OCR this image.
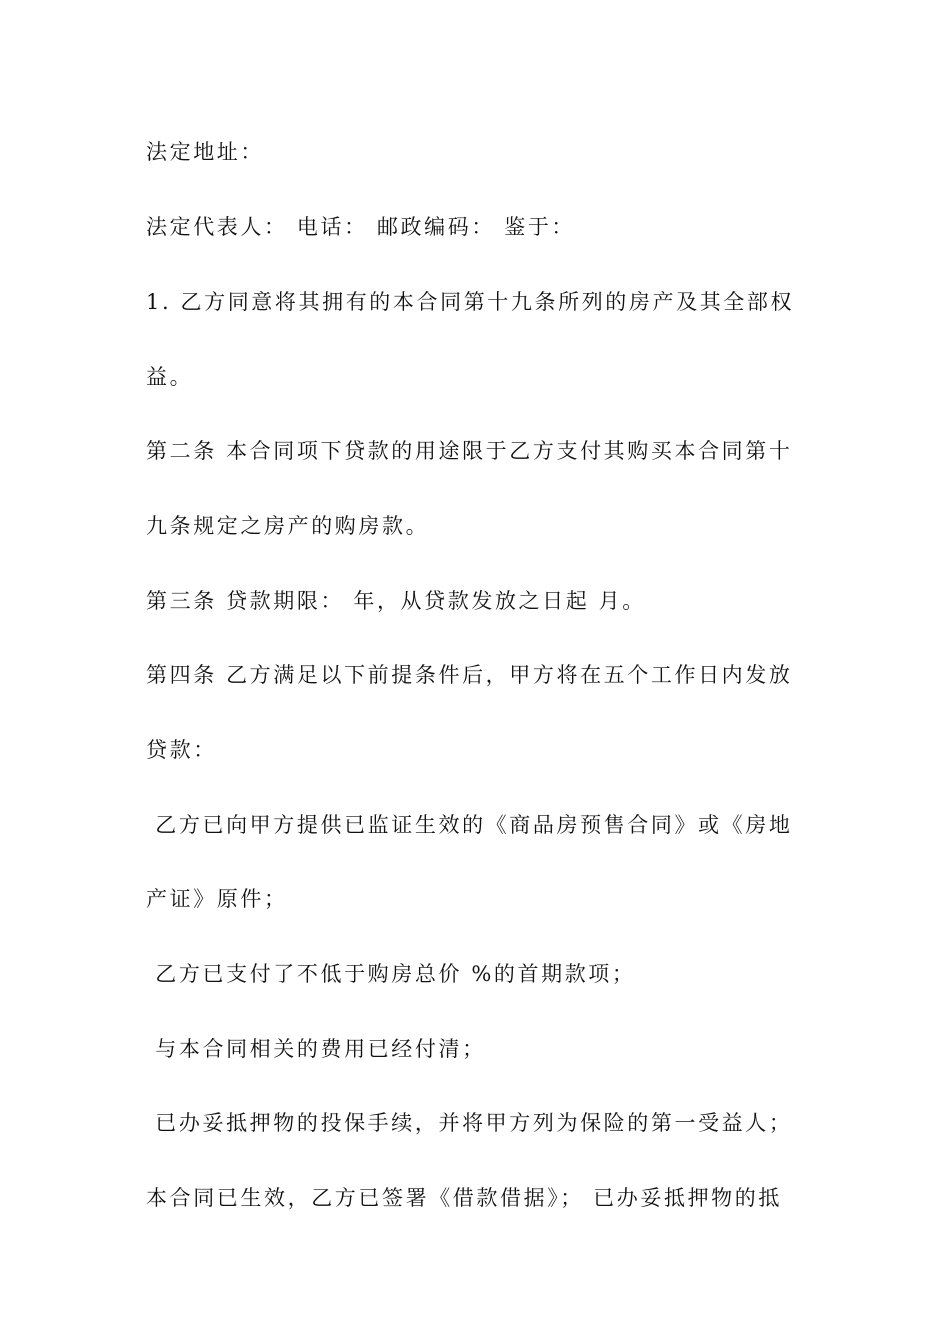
法定地址：
法定代表人： 电话： 邮政编码： 鉴于：
1. 乙方同意将其拥有的本合同第十九条所列的房产及其全部权
益。
第二条 本合同项下贷款的用途限于乙方支付其购买本合同第十
九条规定之房产的购房款。
第三条 贷款期限： 年，从贷款发放之日起 月。
第四条 乙方满足以下前提条件后，甲方将在五个工作日内发放
贷款：
乙方已向甲方提供已监证生效的《商品房预售合同》或《房地
产证》原件；
乙方已支付了不低于购房总价 %的首期款项；
与本合同相关的费用已经付清；
已办妥抵押物的投保手续，并将甲方列为保险的第一受益人；
本合同已生效，乙方已签署《借款借据》； 已办妥抵押物的抵
